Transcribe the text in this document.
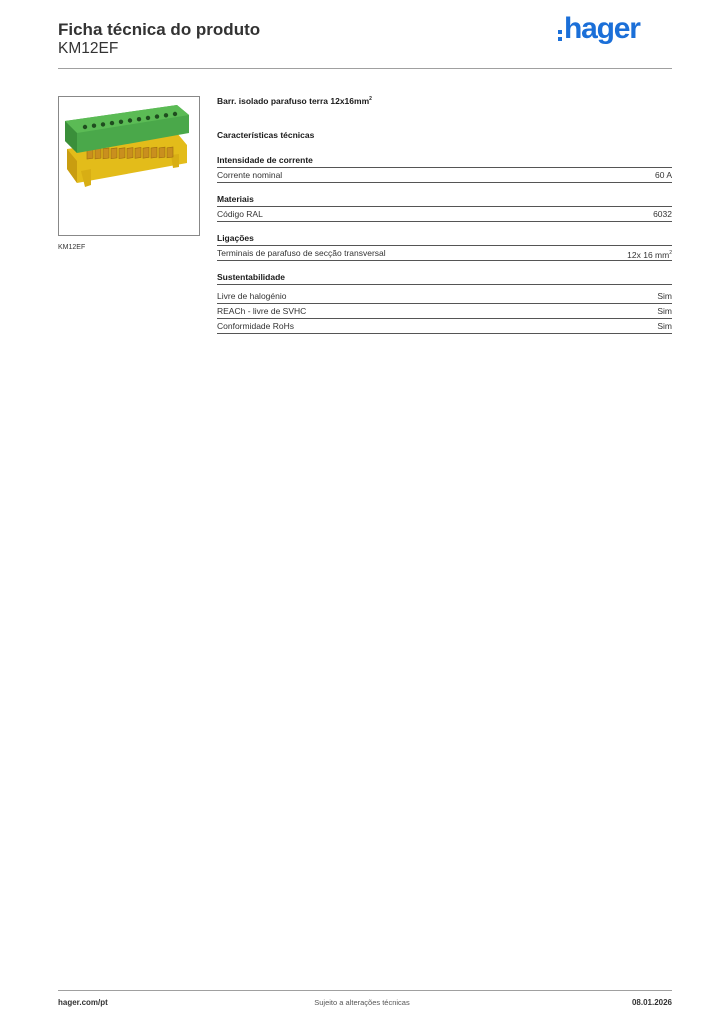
Ficha técnica do produto
KM12EF
hager
KM12EF
Barr. isolado parafuso terra $12x16mm^2$
Características técnicas
Intensidade de corrente
Corrente nominal	60 A
Materiais
Código RAL	6032
Ligações
Terminais de parafuso de secção transversal	12x 16 $mm^2$
Sustentabilidade
Livre de halogénio	Sim
REACh - livre de SVHC	Sim
Conformidade RoHs	Sim
hager.com/pt	Sujeito a alterações técnicas	08.01.2026
